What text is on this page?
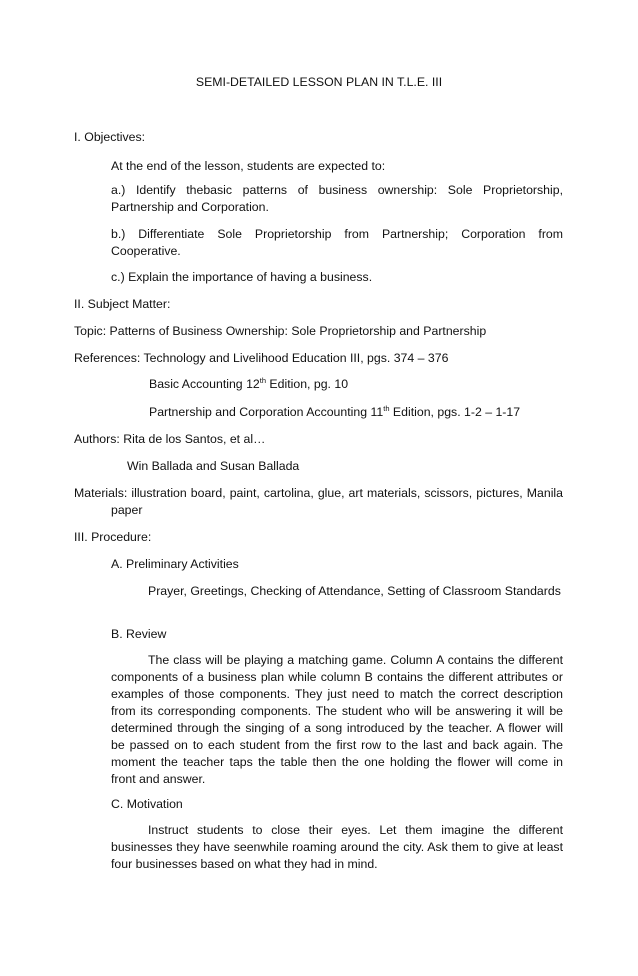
SEMI-DETAILED LESSON PLAN IN T.L.E. III
I. Objectives:
At the end of the lesson, students are expected to:
a.) Identify thebasic patterns of business ownership: Sole Proprietorship, Partnership and Corporation.
b.) Differentiate Sole Proprietorship from Partnership; Corporation from Cooperative.
c.) Explain the importance of having a business.
II. Subject Matter:
Topic: Patterns of Business Ownership: Sole Proprietorship and Partnership
References: Technology and Livelihood Education III, pgs. 374 – 376
Basic Accounting 12th Edition, pg. 10
Partnership and Corporation Accounting 11th Edition, pgs. 1-2 – 1-17
Authors: Rita de los Santos, et al…
Win Ballada and Susan Ballada
Materials: illustration board, paint, cartolina, glue, art materials, scissors, pictures, Manila paper
III. Procedure:
A. Preliminary Activities
Prayer, Greetings, Checking of Attendance, Setting of Classroom Standards
B. Review
The class will be playing a matching game. Column A contains the different components of a business plan while column B contains the different attributes or examples of those components. They just need to match the correct description from its corresponding components. The student who will be answering it will be determined through the singing of a song introduced by the teacher. A flower will be passed on to each student from the first row to the last and back again. The moment the teacher taps the table then the one holding the flower will come in front and answer.
C. Motivation
Instruct students to close their eyes. Let them imagine the different businesses they have seenwhile roaming around the city. Ask them to give at least four businesses based on what they had in mind.
